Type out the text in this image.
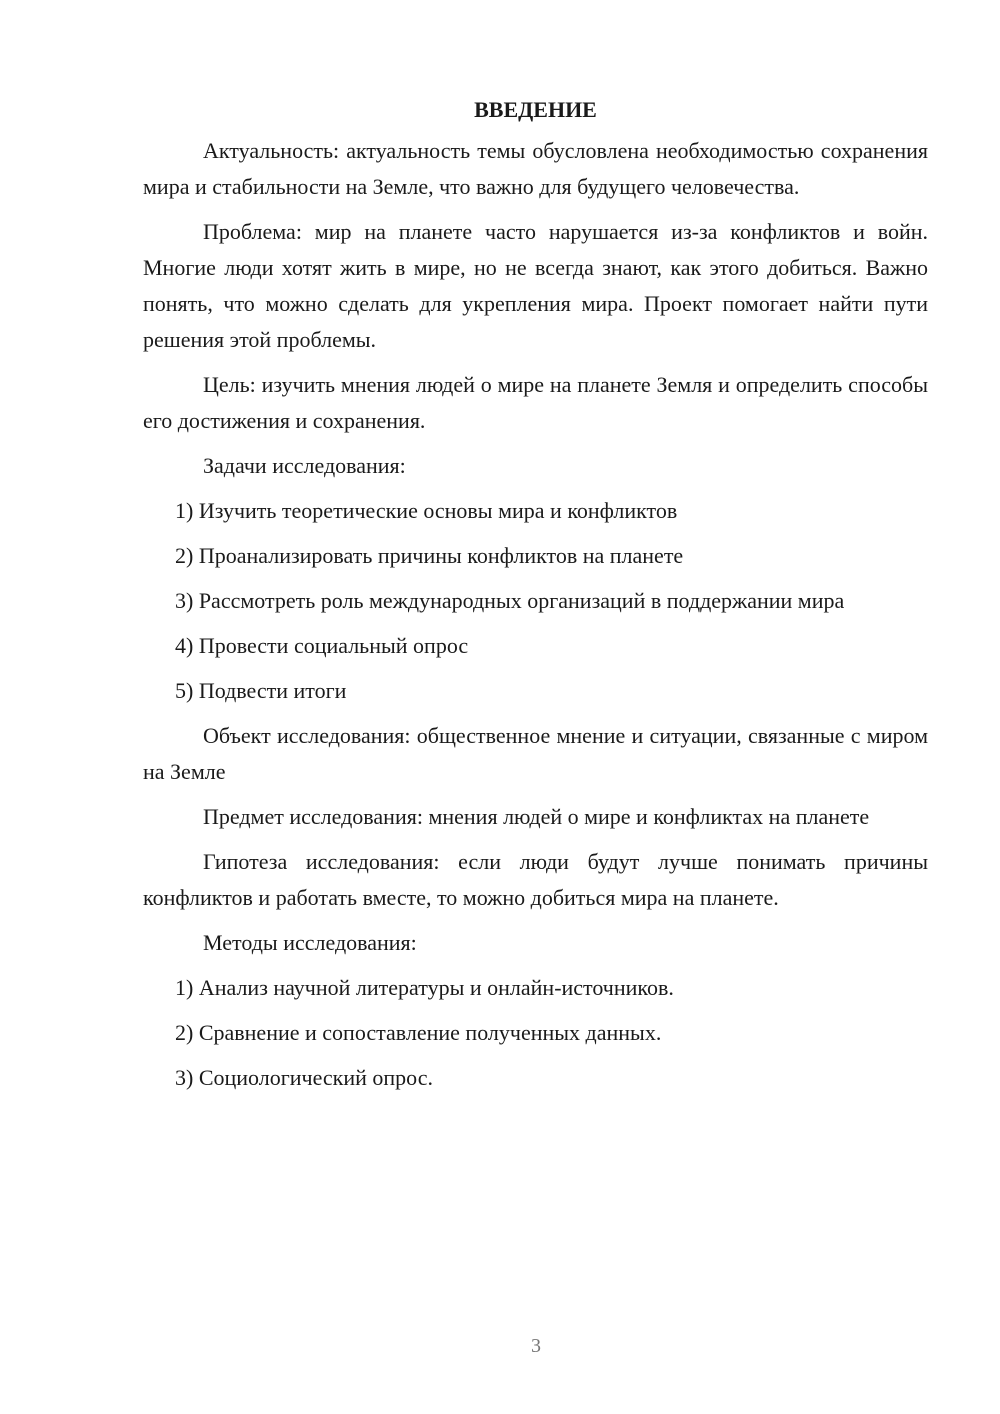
ВВЕДЕНИЕ

Актуальность: актуальность темы обусловлена необходимостью сохранения мира и стабильности на Земле, что важно для будущего человечества.

Проблема: мир на планете часто нарушается из-за конфликтов и войн. Многие люди хотят жить в мире, но не всегда знают, как этого добиться. Важно понять, что можно сделать для укрепления мира. Проект помогает найти пути решения этой проблемы.

Цель: изучить мнения людей о мире на планете Земля и определить способы его достижения и сохранения.

Задачи исследования:

1) Изучить теоретические основы мира и конфликтов

2) Проанализировать причины конфликтов на планете

3) Рассмотреть роль международных организаций в поддержании мира

4) Провести социальный опрос

5) Подвести итоги

Объект исследования: общественное мнение и ситуации, связанные с миром на Земле

Предмет исследования: мнения людей о мире и конфликтах на планете

Гипотеза исследования: если люди будут лучше понимать причины конфликтов и работать вместе, то можно добиться мира на планете.

Методы исследования:

1) Анализ научной литературы и онлайн-источников.

2) Сравнение и сопоставление полученных данных.

3) Социологический опрос.

3
